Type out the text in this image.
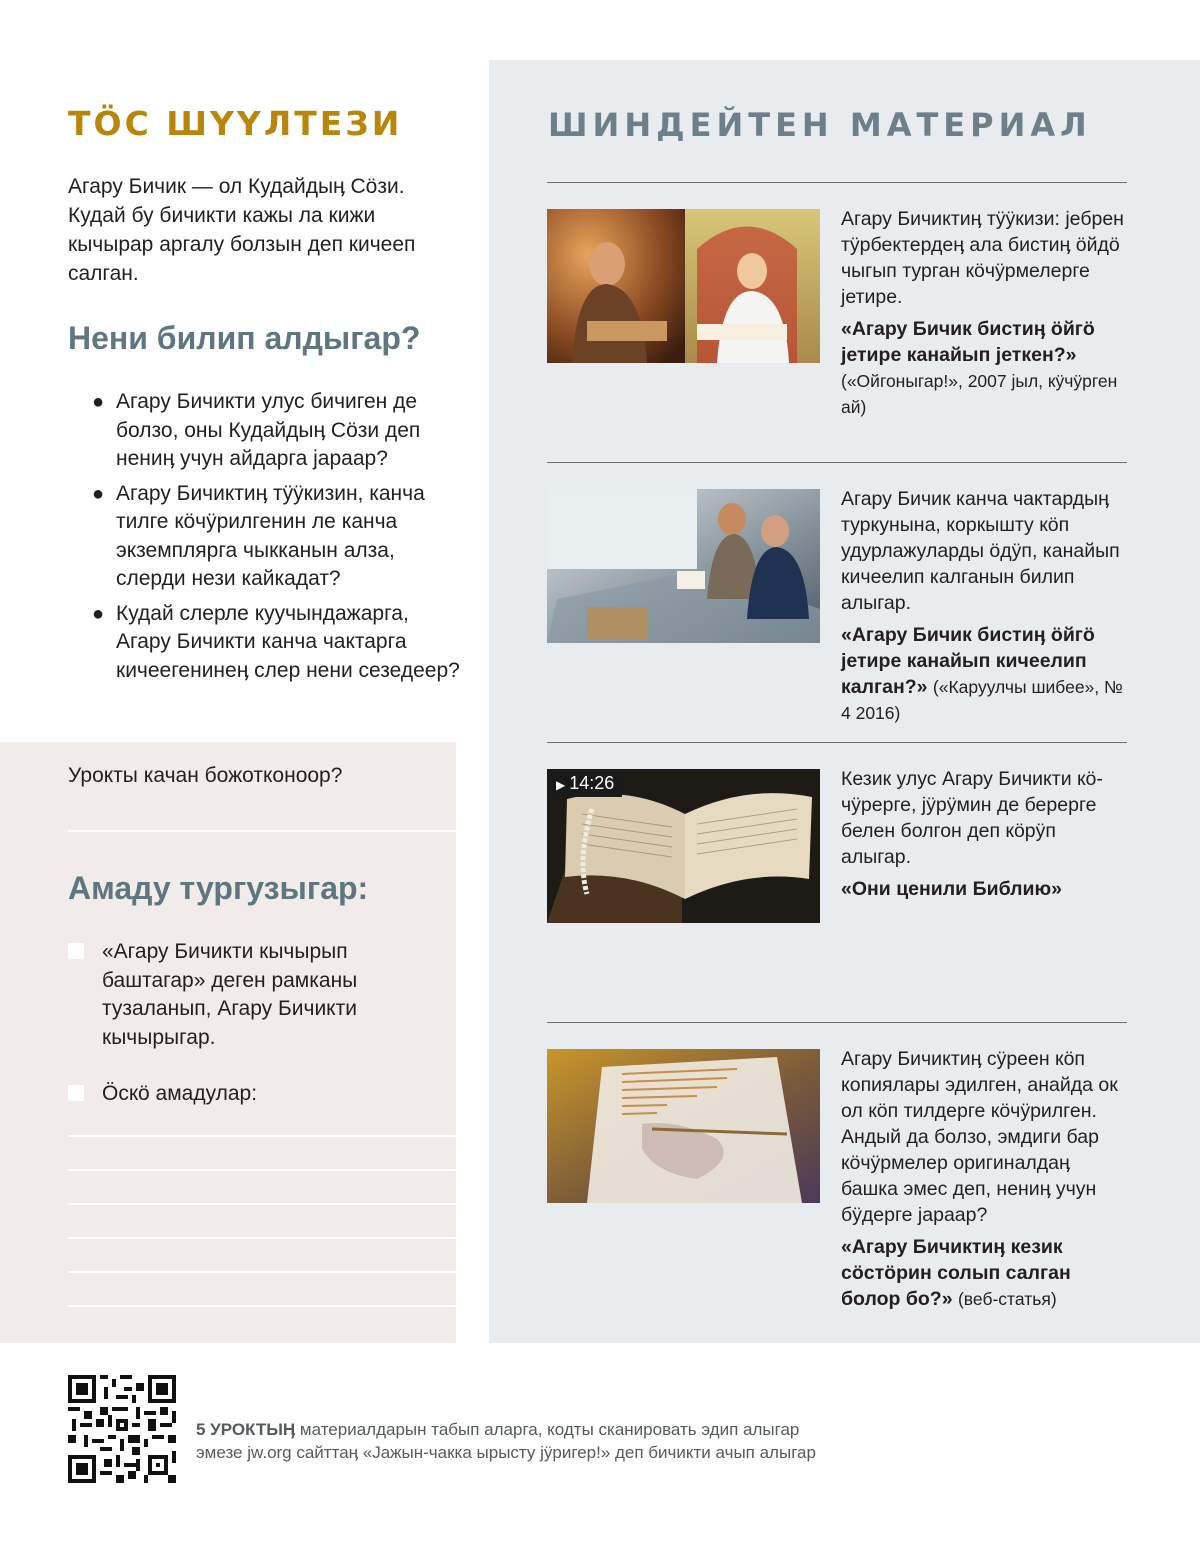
ТӦС ШҮҮЛТЕЗИ

Агару Бичик — ол Кудайдыӊ Сӧзи. Кудай бу бичикти кажы ла кижи кычырар аргалу болзын деп кичееп салган.

Нени билип алдыгар?
● Агару Бичикти улус бичиген де болзо, оны Кудайдыӊ Сӧзи деп нениӊ учун айдарга јараар?
● Агару Бичиктиӊ тӱӱкизин, канча тилге кӧчӱрилгенин ле канча экземплярга чыкканын алза, слерди нези кайкадат?
● Кудай слерле куучындажарга, Агару Бичикти канча чактарга кичеегенинеӊ слер нени сезедеер?
Урокты качан божотконоор?
Амаду тургузыгар:
«Агару Бичикти кычырып баштагар» деген рамканы тузаланып, Агару Бичикти кычырыгар.
Ӧскӧ амадулар:
ШИНДЕЙТЕН МАТЕРИАЛ
Агару Бичиктиӊ тӱӱкизи: јебрен тӱрбектердеӊ ала бистиӊ ӧйдӧ чыгып турган кӧчӱрмелерге јетире.
«Агару Бичик бистиӊ ӧйгӧ јетире канайып јеткен?» («Ойгоныгар!», 2007 јыл, кӱчӱрген ай)
Агару Бичик канча чактардыӊ туркунына, коркышту кӧп удурлажуларды ӧдӱп, канайып кичеелип калганын билип алыгар.
«Агару Бичик бистиӊ ӧйгӧ јетире канайып кичеелип калган?» («Каруулчы шибее», № 4 2016)
▶ 14:26	Кезик улус Агару Бичикти кӧчӱрерге, јӱрӱмин де берерге белен болгон деп кӧрӱп алыгар.
«Они ценили Библию»
Агару Бичиктиӊ сӱреен кӧп копиялары эдилген, анайда ок ол кӧп тилдерге кӧчӱрилген. Андый да болзо, эмдиги бар кӧчӱрмелер оригиналдаӊ башка эмес деп, нениӊ учун бӱдерге јараар?
«Агару Бичиктиӊ кезик сӧстӧрин солып салган болор бо?» (веб-статья)

5 УРОКТЫӉ материалдарын табып аларга, кодты сканировать эдип алыгар эмезе jw.org сайттаӊ «Јажын-чакка ырысту јӱригер!» деп бичикти ачып алыгар
